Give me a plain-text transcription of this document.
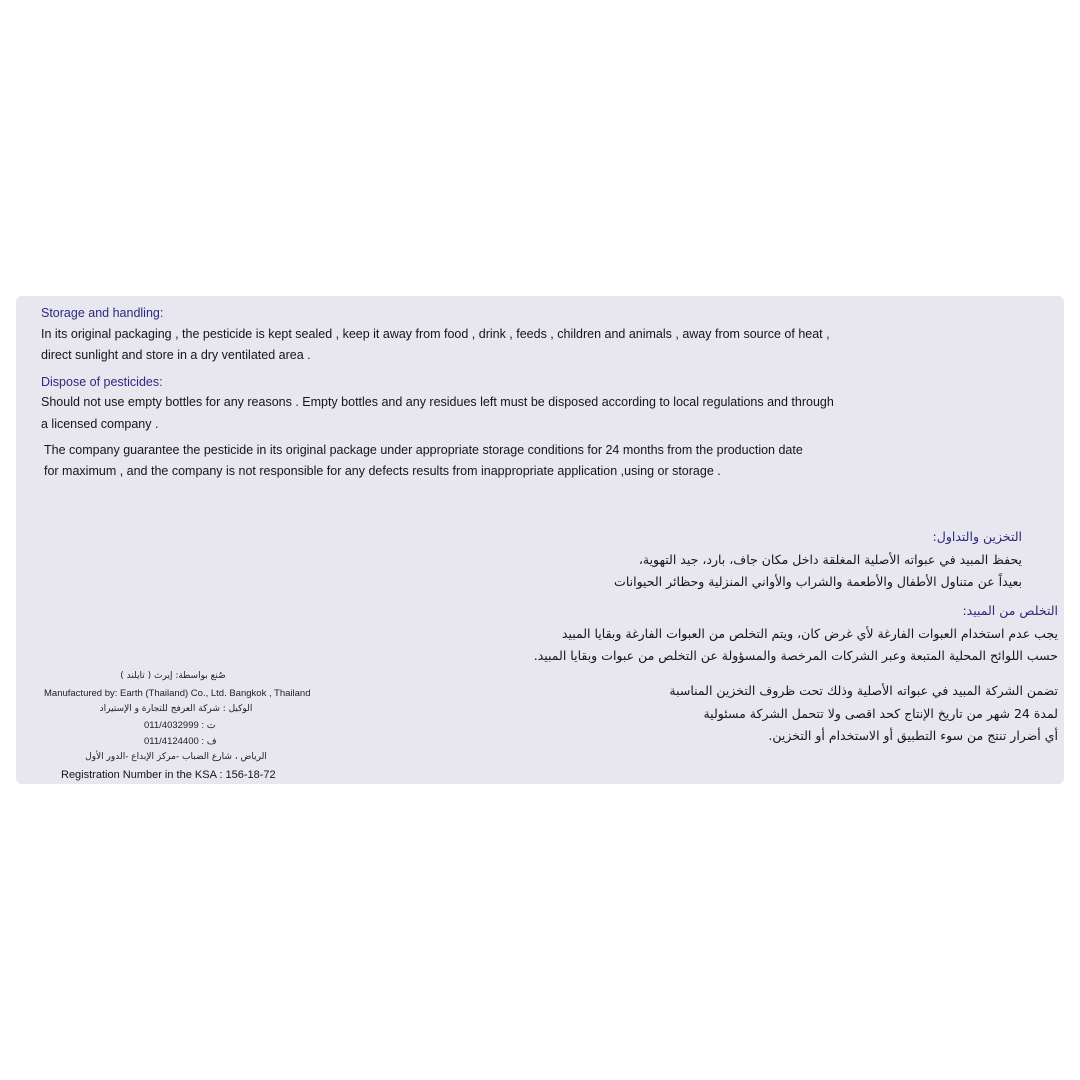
Storage and handling:
In its original packaging , the pesticide is kept sealed , keep it away from food , drink , feeds , children and animals , away from source of heat ,
direct sunlight and store in a dry ventilated area .
Dispose of pesticides:
Should not use empty bottles for any reasons . Empty bottles and any residues left must be disposed according to local regulations and through
a licensed company .
The company guarantee the pesticide in its original package under appropriate storage conditions for 24 months from the production date
for maximum , and the company is not responsible for any defects results from inappropriate application ,using or storage .
التخزين والتداول:
يحفظ المبيد في عبواته الأصلية المغلقة داخل مكان جاف، بارد، جيد التهوية،
بعيداً عن متناول الأطفال والأطعمة والشراب والأواني المنزلية وحظائر الحيوانات
التخلص من المبيد:
يجب عدم استخدام العبوات الفارغة لأي غرض كان، ويتم التخلص من العبوات الفارغة وبقايا المبيد
حسب اللوائح المحلية المتبعة وعبر الشركات المرخصة والمسؤولة عن التخلص من عبوات وبقايا المبيد.
تضمن الشركة المبيد في عبواته الأصلية وذلك تحت ظروف التخزين المناسبة
لمدة 24 شهر من تاريخ الإنتاج كحد اقصى ولا تتحمل الشركة مسئولية
أي أضرار تنتج من سوء التطبيق أو الاستخدام أو التخزين.
صُنع بواسطة: إيرث ( تايلند )
Manufactured by: Earth (Thailand) Co., Ltd. Bangkok , Thailand
الوكيل : شركة العرفج للتجارة و الإستيراد
ت : 011/4032999
ف : 011/4124400
الرياض ، شارع الضباب -مركز الإبداع -الدور الأول
Registration Number in the KSA : 156-18-72
